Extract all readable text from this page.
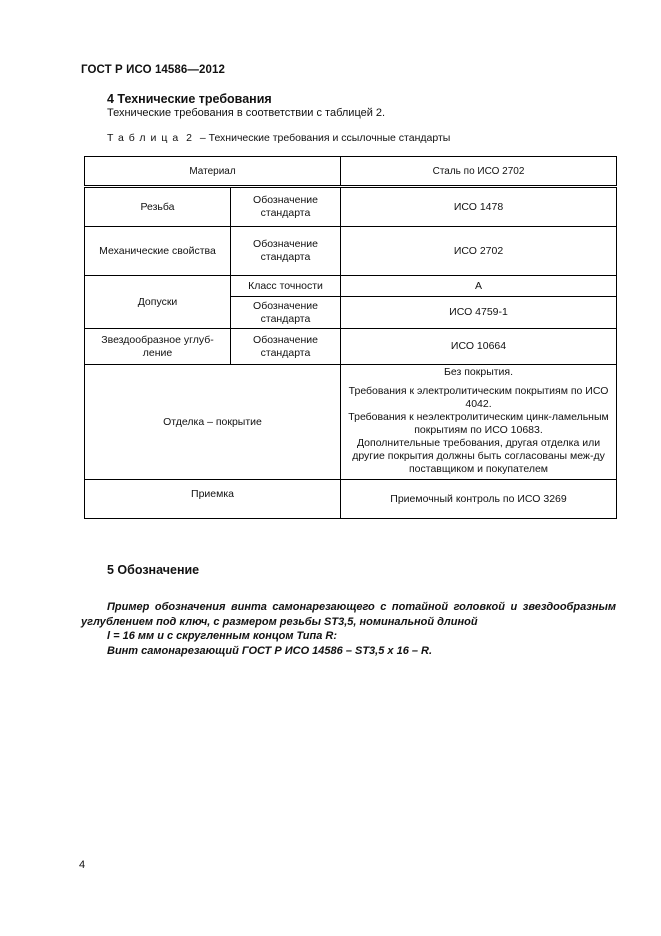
ГОСТ Р ИСО 14586—2012
4 Технические требования
Технические требования в соответствии с таблицей 2.
Таблица 2 – Технические требования и ссылочные стандарты
Материал		Сталь по ИСО 2702
Резьба	Обозначение стандарта	ИСО 1478
Механические свойства	Обозначение стандарта	ИСО 2702
Допуски	Класс точности	A
	Обозначение стандарта	ИСО 4759-1
Звездообразное углуб-ление	Обозначение стандарта	ИСО 10664
Отделка – покрытие		Без покрытия.

Требования к электролитическим покрытиям по ИСО 4042.

Требования к неэлектролитическим цинк-ламельным покрытиям по ИСО 10683.

Дополнительные требования, другая отделка или другие покрытия должны быть согласованы меж-ду поставщиком и покупателем

Приемка		Приемочный контроль по ИСО 3269
5 Обозначение
Пример обозначения винта самонарезающего с потайной головкой и звездообразным
углублением под ключ, с размером резьбы ST3,5, номинальной длиной
l = 16 мм и с скругленным концом Типа R:
Винт самонарезающий ГОСТ Р ИСО 14586 – ST3,5 x 16 – R.
4
